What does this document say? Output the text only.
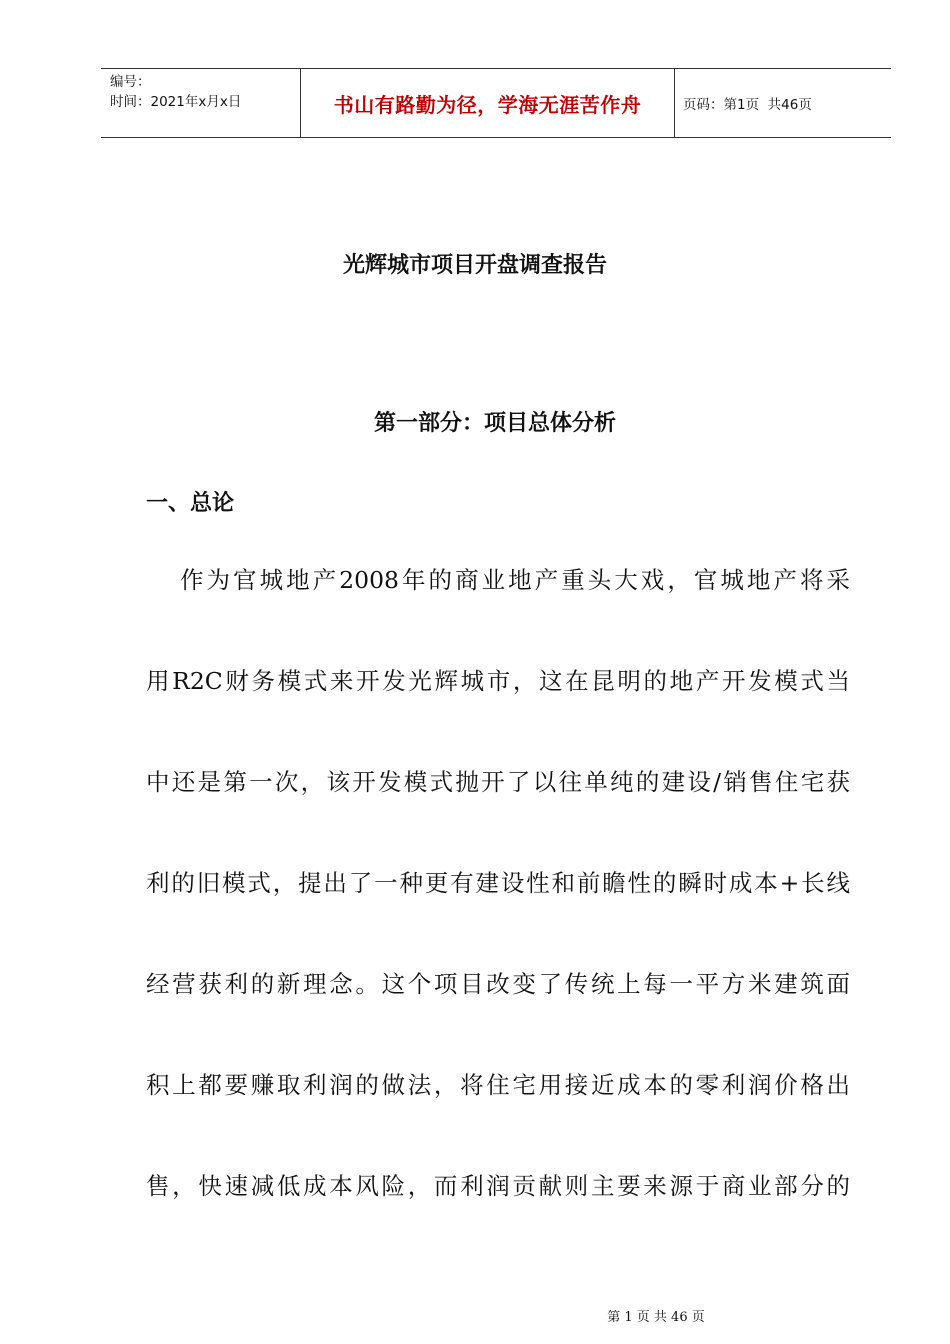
编号：
时间：2021年x月x日	书山有路勤为径，学海无涯苦作舟	页码：第1页  共46页
光辉城市项目开盘调查报告
第一部分：项目总体分析
一、总论
作为官城地产2008年的商业地产重头大戏，官城地产将采
用R2C财务模式来开发光辉城市，这在昆明的地产开发模式当
中还是第一次，该开发模式抛开了以往单纯的建设/销售住宅获
利的旧模式，提出了一种更有建设性和前瞻性的瞬时成本+长线
经营获利的新理念。这个项目改变了传统上每一平方米建筑面
积上都要赚取利润的做法，将住宅用接近成本的零利润价格出
售，快速减低成本风险，而利润贡献则主要来源于商业部分的
第 1 页 共 46 页
